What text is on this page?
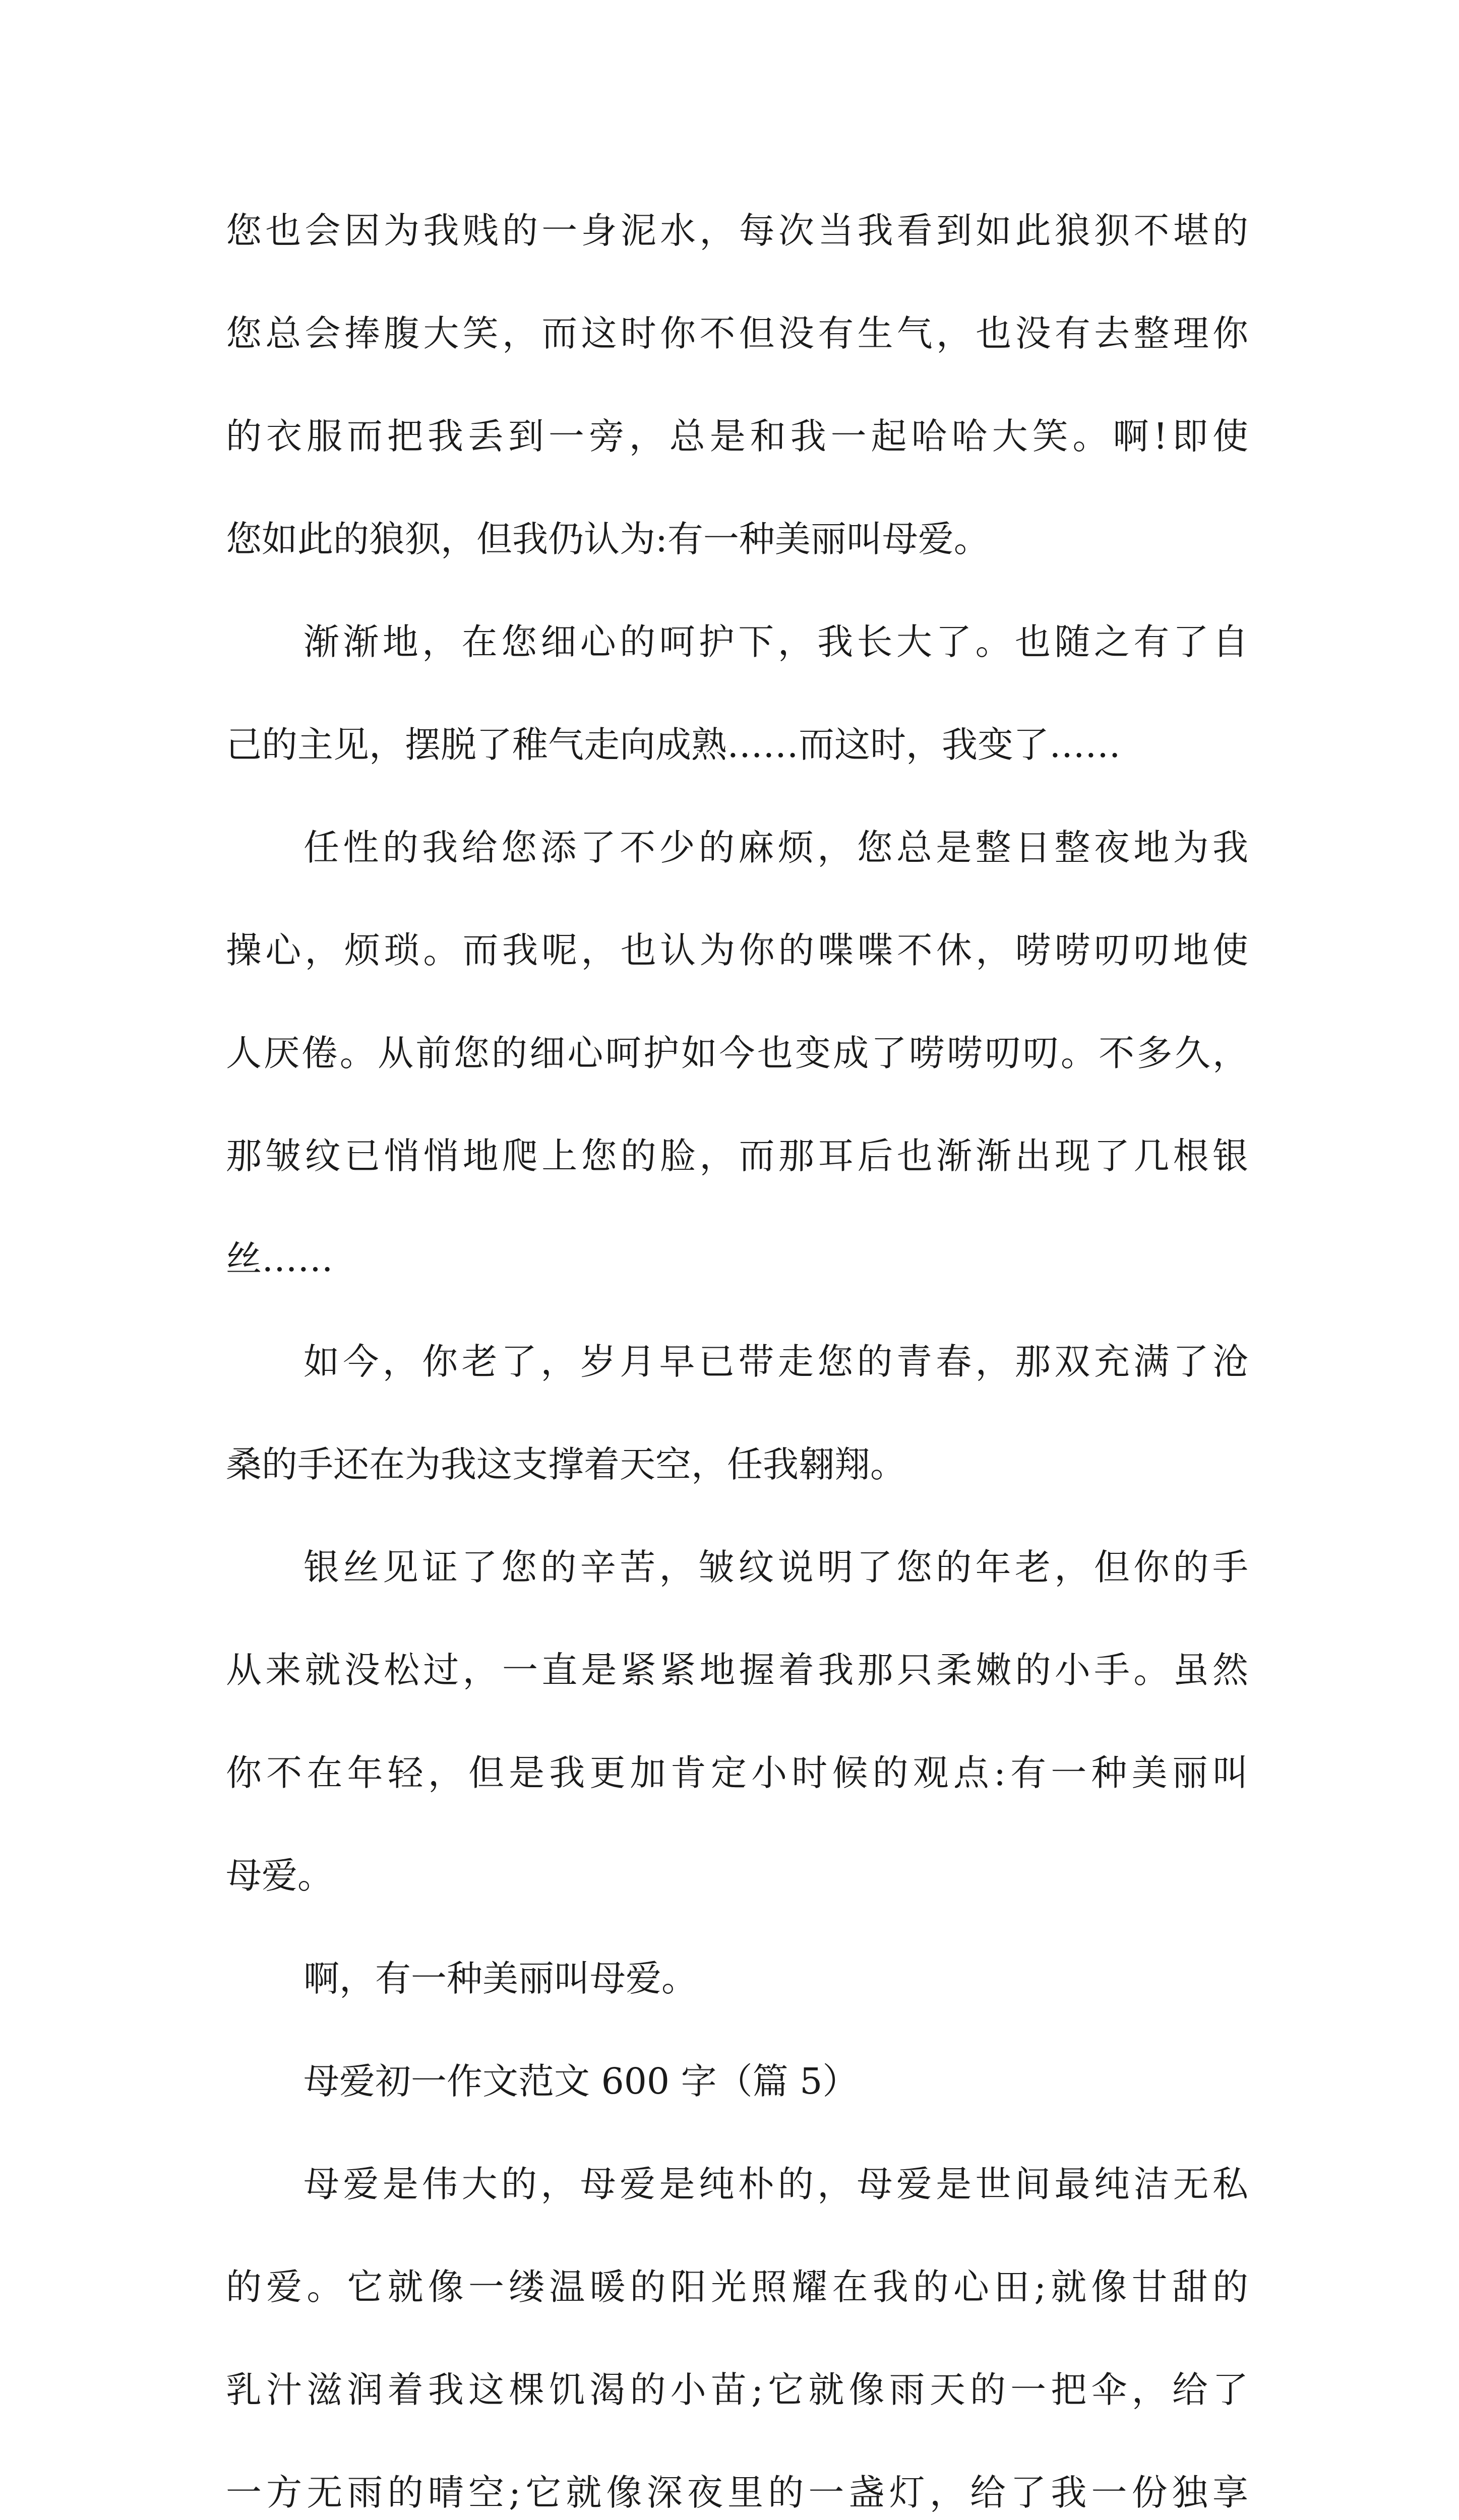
您也会因为我贱的一身泥水，每次当我看到如此狼狈不堪的
您总会捧腹大笑，而这时你不但没有生气，也没有去整理你
的衣服而把我丢到一旁，总是和我一起哈哈大笑。啊!即使
您如此的狼狈，但我仍认为:有一种美丽叫母爱。
渐渐地，在您细心的呵护下，我长大了。也随之有了自
己的主见，摆脱了稚气走向成熟……而这时，我变了……
任性的我给您添了不少的麻烦，您总是整日整夜地为我
操心，烦琐。而我呢，也认为你的喋喋不休，唠唠叨叨地使
人厌倦。从前您的细心呵护如今也变成了唠唠叨叨。不多久，
那皱纹已悄悄地爬上您的脸，而那耳后也渐渐出现了几根银
丝……
如今，你老了，岁月早已带走您的青春，那双充满了沧
桑的手还在为我这支撑着天空，任我翱翔。
银丝见证了您的辛苦，皱纹说明了您的年老，但你的手
从来就没松过，一直是紧紧地握着我那只柔嫩的小手。虽然
你不在年轻，但是我更加肯定小时候的观点:有一种美丽叫
母爱。
啊，有一种美丽叫母爱。
母爱初一作文范文 600 字（篇 5）
母爱是伟大的，母爱是纯朴的，母爱是世间最纯洁无私
的爱。它就像一缕温暖的阳光照耀在我的心田;就像甘甜的
乳汁滋润着我这棵饥渴的小苗;它就像雨天的一把伞，给了
一方无雨的晴空;它就像深夜里的一盏灯，给了我一份独享
